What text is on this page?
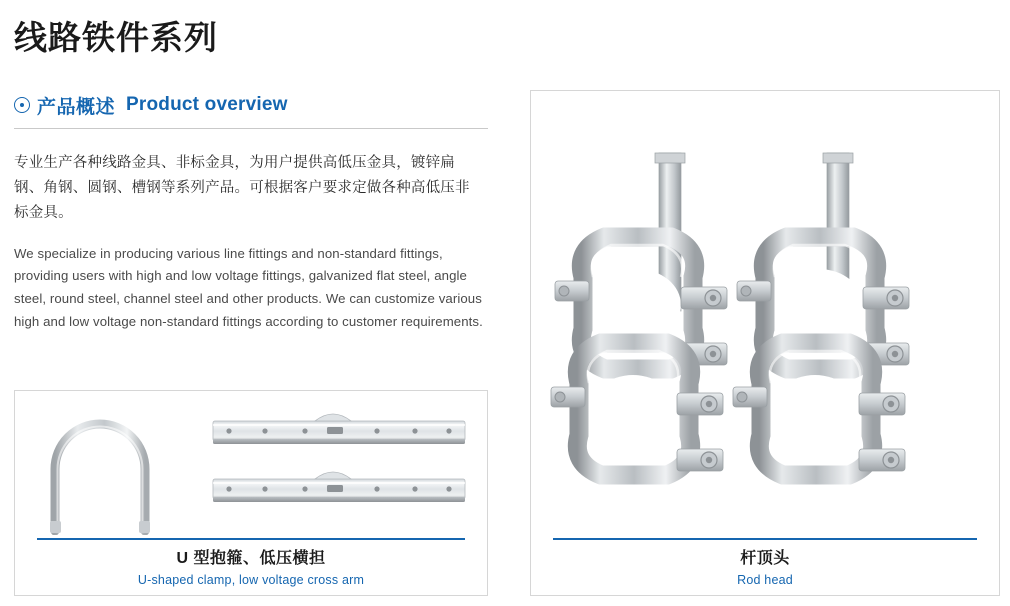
线路铁件系列
产品概述 Product overview

专业生产各种线路金具、非标金具，为用户提供高低压金具，镀锌扁钢、角钢、圆钢、槽钢等系列产品。可根据客户要求定做各种高低压非标金具。

We specialize in producing various line fittings and non-standard fittings, providing users with high and low voltage fittings, galvanized flat steel, angle steel, round steel, channel steel and other products. We can customize various high and low voltage non-standard fittings according to customer requirements.

U 型抱箍、低压横担
U-shaped clamp, low voltage cross arm
杆顶头
Rod head
